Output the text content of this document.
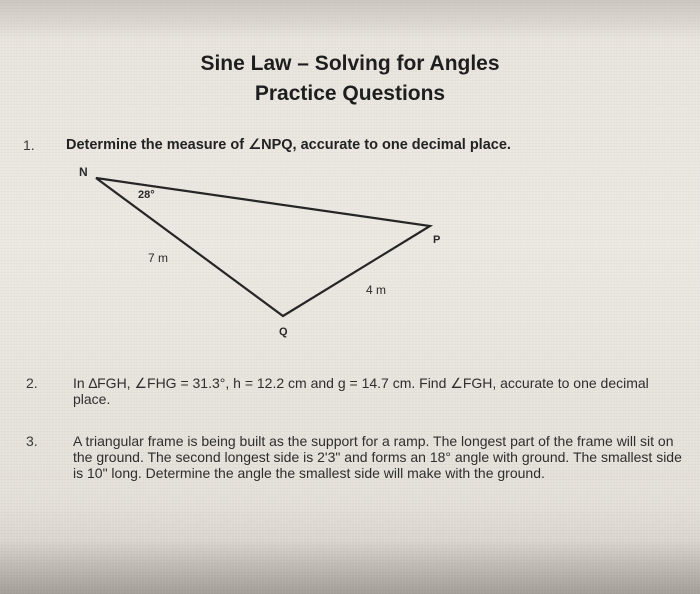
Sine Law – Solving for Angles
Practice Questions
1. Determine the measure of ∠NPQ, accurate to one decimal place.
N
P
Q
28°
7 m
4 m
2.	In ∆FGH, ∠FHG = 31.3°, h = 12.2 cm and g = 14.7 cm. Find ∠FGH, accurate to one decimal place.
3.	A triangular frame is being built as the support for a ramp. The longest part of the frame will sit on the ground. The second longest side is 2'3" and forms an 18° angle with ground. The smallest side is 10" long. Determine the angle the smallest side will make with the ground.
